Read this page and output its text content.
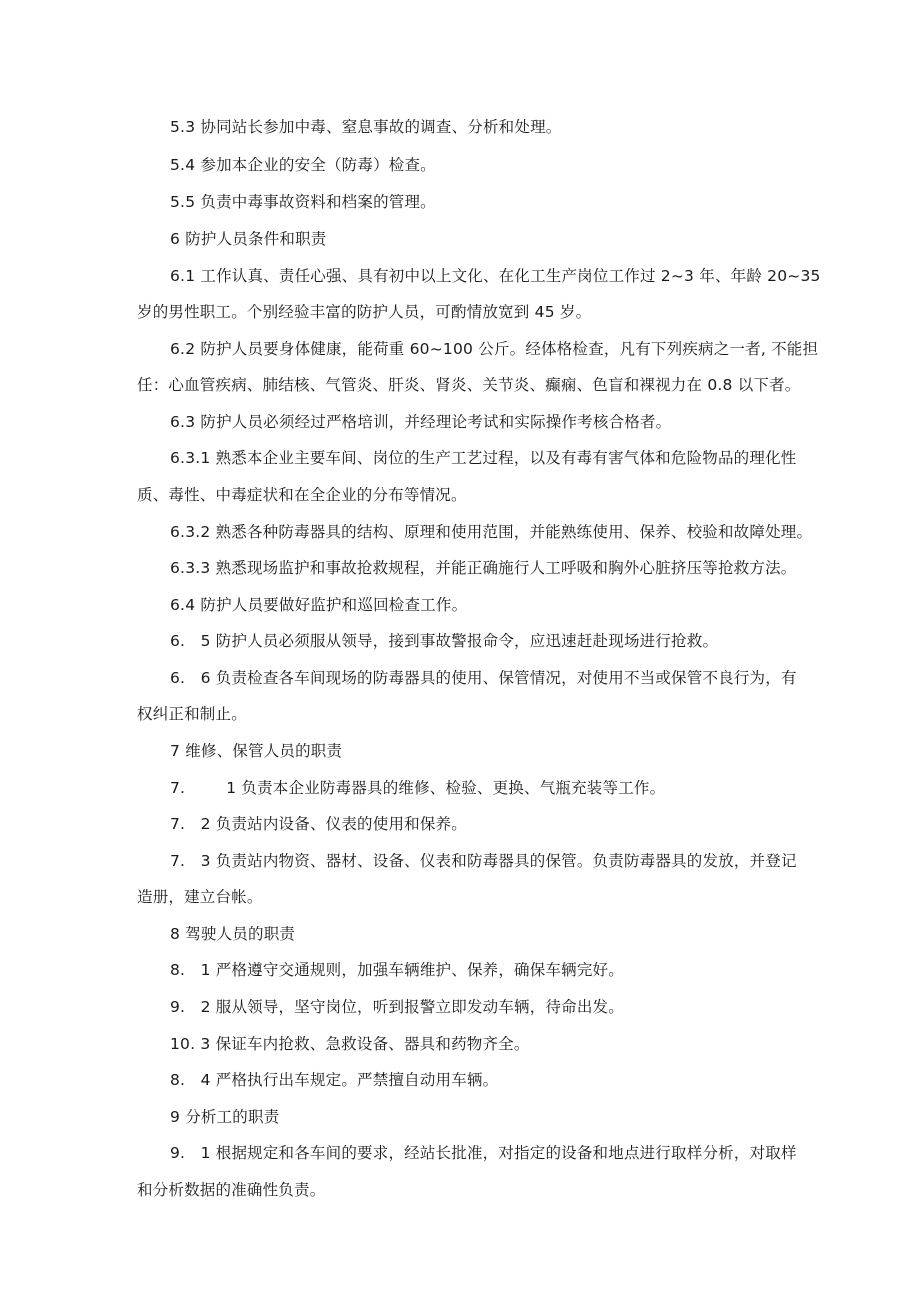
5.3 协同站长参加中毒、窒息事故的调查、分析和处理。
5.4 参加本企业的安全（防毒）检查。
5.5 负责中毒事故资料和档案的管理。
6 防护人员条件和职责
6.1 工作认真、责任心强、具有初中以上文化、在化工生产岗位工作过 2~3 年、年龄 20~35
岁的男性职工。个别经验丰富的防护人员，可酌情放宽到 45 岁。
6.2 防护人员要身体健康，能荷重 60~100 公斤。经体格检查，凡有下列疾病之一者, 不能担
任：心血管疾病、肺结核、气管炎、肝炎、肾炎、关节炎、癫痫、色盲和裸视力在 0.8 以下者。
6.3 防护人员必须经过严格培训，并经理论考试和实际操作考核合格者。
6.3.1 熟悉本企业主要车间、岗位的生产工艺过程，以及有毒有害气体和危险物品的理化性
质、毒性、中毒症状和在全企业的分布等情况。
6.3.2 熟悉各种防毒器具的结构、原理和使用范围，并能熟练使用、保养、校验和故障处理。
6.3.3 熟悉现场监护和事故抢救规程，并能正确施行人工呼吸和胸外心脏挤压等抢救方法。
6.4 防护人员要做好监护和巡回检查工作。
6.   5 防护人员必须服从领导，接到事故警报命令，应迅速赶赴现场进行抢救。
6.   6 负责检查各车间现场的防毒器具的使用、保管情况，对使用不当或保管不良行为，有
权纠正和制止。
7 维修、保管人员的职责
7.        1 负责本企业防毒器具的维修、检验、更换、气瓶充装等工作。
7.   2 负责站内设备、仪表的使用和保养。
7.   3 负责站内物资、器材、设备、仪表和防毒器具的保管。负责防毒器具的发放，并登记
造册，建立台帐。
8 驾驶人员的职责
8.   1 严格遵守交通规则，加强车辆维护、保养，确保车辆完好。
9.   2 服从领导，坚守岗位，听到报警立即发动车辆，待命出发。
10. 3 保证车内抢救、急救设备、器具和药物齐全。
8.   4 严格执行出车规定。严禁擅自动用车辆。
9 分析工的职责
9.   1 根据规定和各车间的要求，经站长批准，对指定的设备和地点进行取样分析，对取样
和分析数据的准确性负责。
